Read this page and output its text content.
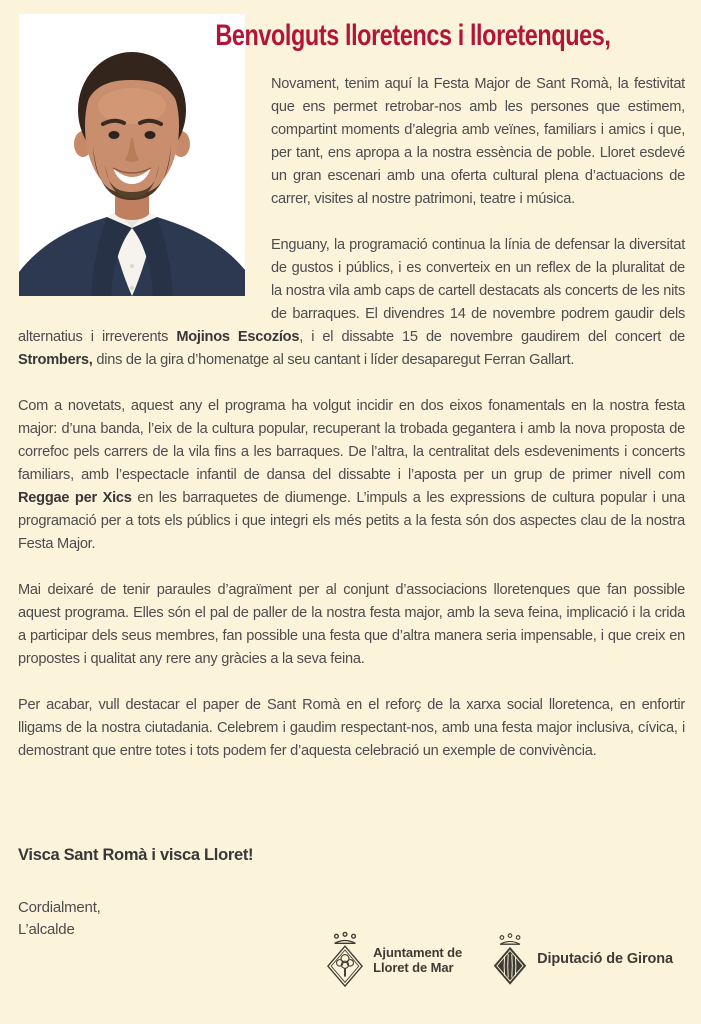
Benvolguts lloretencs i lloretenques,

Novament, tenim aquí la Festa Major de Sant Romà, la festivitat que ens permet retrobar-nos amb les persones que estimem, compartint moments d’alegria amb veïnes, familiars i amics i que, per tant, ens apropa a la nostra essència de poble. Lloret esdevé un gran escenari amb una oferta cultural plena d’actuacions de carrer, visites al nostre patrimoni, teatre i música.

Enguany, la programació continua la línia de defensar la diversitat de gustos i públics, i es converteix en un reflex de la pluralitat de la nostra vila amb caps de cartell destacats als concerts de les nits de barraques. El divendres 14 de novembre podrem gaudir dels alternatius i irreverents Mojinos Escozíos, i el dissabte 15 de novembre gaudirem del concert de Strombers, dins de la gira d’homenatge al seu cantant i líder desaparegut Ferran Gallart.

Com a novetats, aquest any el programa ha volgut incidir en dos eixos fonamentals en la nostra festa major: d’una banda, l’eix de la cultura popular, recuperant la trobada gegantera i amb la nova proposta de correfoc pels carrers de la vila fins a les barraques. De l’altra, la centralitat dels esdeveniments i concerts familiars, amb l’espectacle infantil de dansa del dissabte i l’aposta per un grup de primer nivell com Reggae per Xics en les barraquetes de diumenge. L’impuls a les expressions de cultura popular i una programació per a tots els públics i que integri els més petits a la festa són dos aspectes clau de la nostra Festa Major.

Mai deixaré de tenir paraules d’agraïment per al conjunt d’associacions lloretenques que fan possible aquest programa. Elles són el pal de paller de la nostra festa major, amb la seva feina, implicació i la crida a participar dels seus membres, fan possible una festa que d’altra manera seria impensable, i que creix en propostes i qualitat any rere any gràcies a la seva feina.

Per acabar, vull destacar el paper de Sant Romà en el reforç de la xarxa social lloretenca, en enfortir lligams de la nostra ciutadania. Celebrem i gaudim respectant-nos, amb una festa major inclusiva, cívica, i demostrant que entre totes i tots podem fer d’aquesta celebració un exemple de convivència.

Visca Sant Romà i visca Lloret!

Cordialment,

L’alcalde

Ajuntament de
Lloret de Mar	Diputació de Girona
